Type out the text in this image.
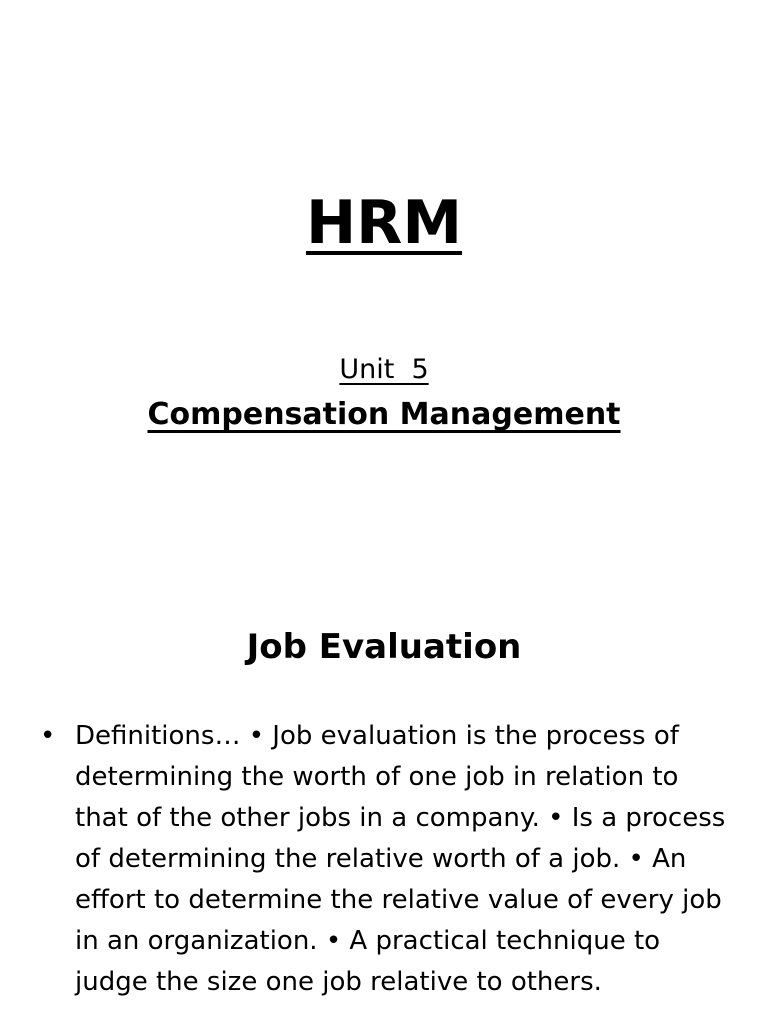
HRM
Unit  5
Compensation Management
Job Evaluation
• Definitions… • Job evaluation is the process of determining the worth of one job in relation to that of the other jobs in a company. • Is a process of determining the relative worth of a job. • An effort to determine the relative value of every job in an organization. • A practical technique to judge the size one job relative to others.
